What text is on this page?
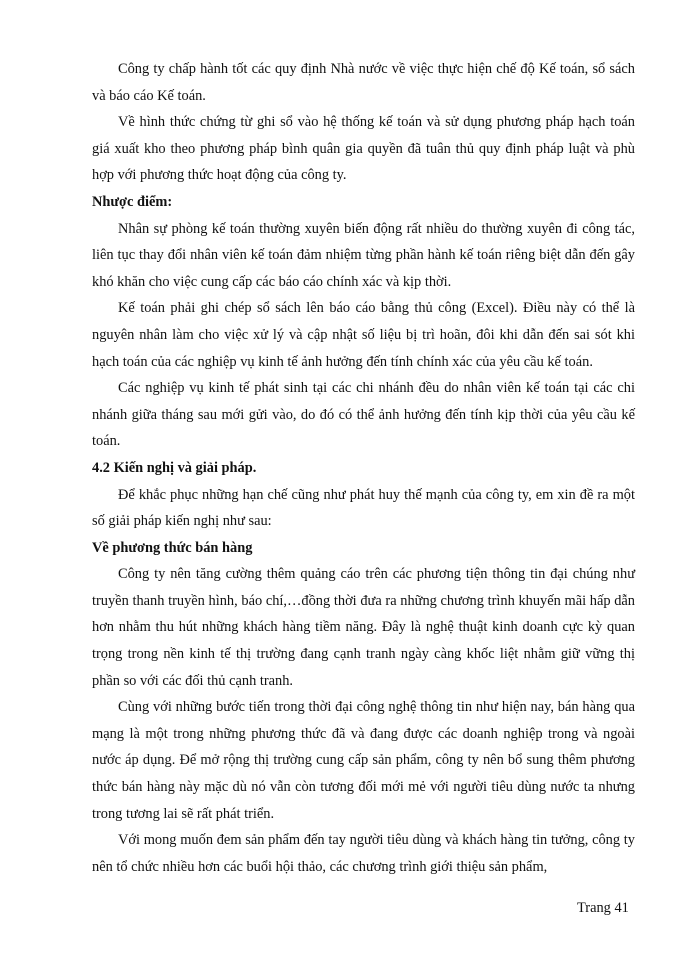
Công ty chấp hành tốt các quy định Nhà nước về việc thực hiện chế độ Kế toán, sổ sách và báo cáo Kế toán.

Về hình thức chứng từ ghi sổ vào hệ thống kế toán và sử dụng phương pháp hạch toán giá xuất kho theo phương pháp bình quân gia quyền đã tuân thủ quy định pháp luật và phù hợp với phương thức hoạt động của công ty.

Nhược điểm:

Nhân sự phòng kế toán thường xuyên biến động rất nhiều do thường xuyên đi công tác, liên tục thay đổi nhân viên kế toán đảm nhiệm từng phần hành kế toán riêng biệt dẫn đến gây khó khăn cho việc cung cấp các báo cáo chính xác và kịp thời.

Kế toán phải ghi chép sổ sách lên báo cáo bằng thủ công (Excel). Điều này có thể là nguyên nhân làm cho việc xử lý và cập nhật số liệu bị trì hoãn, đôi khi dẫn đến sai sót khi hạch toán của các nghiệp vụ kinh tế ảnh hưởng đến tính chính xác của yêu cầu kế toán.

Các nghiệp vụ kinh tế phát sinh tại các chi nhánh đều do nhân viên kế toán tại các chi nhánh giữa tháng sau mới gửi vào, do đó có thể ảnh hưởng đến tính kịp thời của yêu cầu kế toán.

4.2 Kiến nghị và giải pháp.

Để khắc phục những hạn chế cũng như phát huy thế mạnh của công ty, em xin đề ra một số giải pháp kiến nghị như sau:

Về phương thức bán hàng

Công ty nên tăng cường thêm quảng cáo trên các phương tiện thông tin đại chúng như truyền thanh truyền hình, báo chí,…đồng thời đưa ra những chương trình khuyến mãi hấp dẫn hơn nhằm thu hút những khách hàng tiềm năng. Đây là nghệ thuật kinh doanh cực kỳ quan trọng trong nền kinh tế thị trường đang cạnh tranh ngày càng khốc liệt nhằm giữ vững thị phần so với các đối thủ cạnh tranh.

Cùng với những bước tiến trong thời đại công nghệ thông tin như hiện nay, bán hàng qua mạng là một trong những phương thức đã và đang được các doanh nghiệp trong và ngoài nước áp dụng. Để mở rộng thị trường cung cấp sản phẩm, công ty nên bổ sung thêm phương thức bán hàng này mặc dù nó vẫn còn tương đối mới mẻ với người tiêu dùng nước ta nhưng trong tương lai sẽ rất phát triển.

Với mong muốn đem sản phẩm đến tay người tiêu dùng và khách hàng tin tưởng, công ty nên tổ chức nhiều hơn các buổi hội thảo, các chương trình giới thiệu sản phẩm,

Trang 41
